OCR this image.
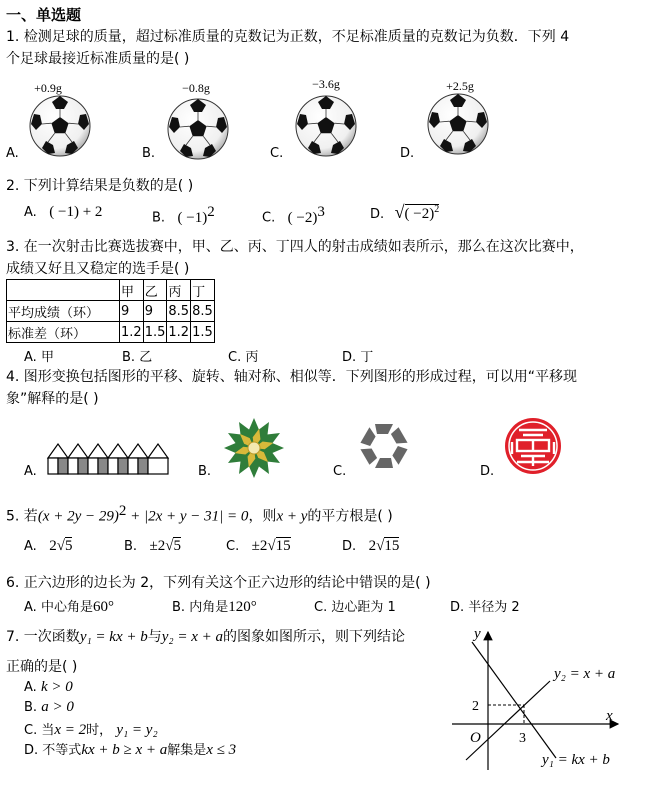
一、单选题
1. 检测足球的质量，超过标准质量的克数记为正数，不足标准质量的克数记为负数．下列 4
个足球最接近标准质量的是( )
+0.9g	−0.8g	−3.6g	+2.5g
A.	B.	C.	D.
2. 下列计算结果是负数的是( )
A. ( −1) + 2	B. ( −1)$^2$	C. ( −2)$^3$	D. √( −2)$^2$
3. 在一次射击比赛选拔赛中，甲、乙、丙、丁四人的射击成绩如表所示，那么在这次比赛中，
成绩又好且又稳定的选手是( )
	甲	乙	丙	丁
平均成绩（环）	9	9	8.5	8.5
标准差（环）	1.2	1.5	1.2	1.5
A. 甲	B. 乙	C. 丙	D. 丁
4. 图形变换包括图形的平移、旋转、轴对称、相似等．下列图形的形成过程，可以用“平移现
象”解释的是( )
A.	B.	C.	D.
5. 若$(x + 2y - 29)^2 + |2x + y - 31| = 0$，则x + y的平方根是( )
A. 2√5	B. ±2√5	C. ±2√15	D. 2√15
6. 正六边形的边长为 2，下列有关这个正六边形的结论中错误的是( )
A. 中心角是60°	B. 内角是120°	C. 边心距为 1	D. 半径为 2
7. 一次函数y₁ = kx + b与y₂ = x + a的图象如图所示，则下列结论
正确的是( )
A. k > 0
B. a > 0
C. 当x = 2时， y₁ = y₂
D. 不等式kx + b ≥ x + a解集是x ≤ 3
y
x
O	3
2
y₂ = x + a
y₁ = kx + b
